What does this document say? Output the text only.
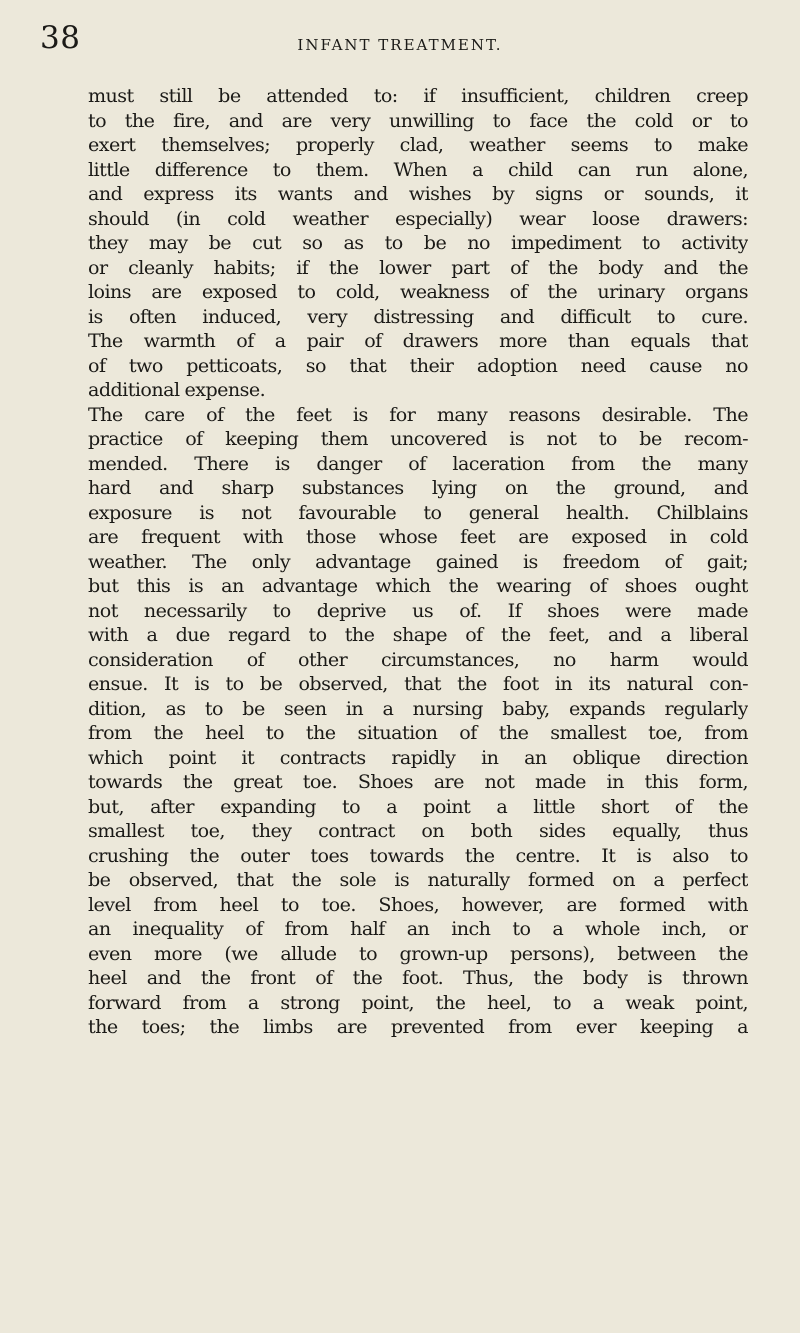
38	INFANT TREATMENT.
must still be attended to: if insufficient, children creep
to the fire, and are very unwilling to face the cold or to
exert themselves; properly clad, weather seems to make
little difference to them. When a child can run alone,
and express its wants and wishes by signs or sounds, it
should (in cold weather especially) wear loose drawers:
they may be cut so as to be no impediment to activity
or cleanly habits; if the lower part of the body and the
loins are exposed to cold, weakness of the urinary organs
is often induced, very distressing and difficult to cure.
The warmth of a pair of drawers more than equals that
of two petticoats, so that their adoption need cause no
additional expense.
The care of the feet is for many reasons desirable. The
practice of keeping them uncovered is not to be recom-
mended. There is danger of laceration from the many
hard and sharp substances lying on the ground, and
exposure is not favourable to general health. Chilblains
are frequent with those whose feet are exposed in cold
weather. The only advantage gained is freedom of gait;
but this is an advantage which the wearing of shoes ought
not necessarily to deprive us of. If shoes were made
with a due regard to the shape of the feet, and a liberal
consideration of other circumstances, no harm would
ensue. It is to be observed, that the foot in its natural con-
dition, as to be seen in a nursing baby, expands regularly
from the heel to the situation of the smallest toe, from
which point it contracts rapidly in an oblique direction
towards the great toe. Shoes are not made in this form,
but, after expanding to a point a little short of the
smallest toe, they contract on both sides equally, thus
crushing the outer toes towards the centre. It is also to
be observed, that the sole is naturally formed on a perfect
level from heel to toe. Shoes, however, are formed with
an inequality of from half an inch to a whole inch, or
even more (we allude to grown-up persons), between the
heel and the front of the foot. Thus, the body is thrown
forward from a strong point, the heel, to a weak point,
the toes; the limbs are prevented from ever keeping a
